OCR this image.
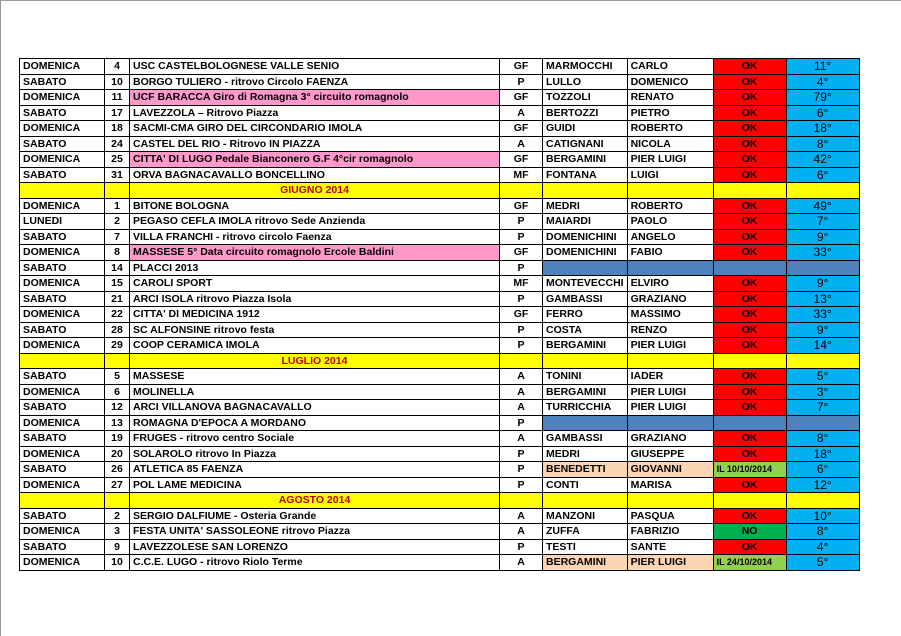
DOMENICA	4	USC CASTELBOLOGNESE VALLE SENIO	GF	MARMOCCHI	CARLO	OK	11°
SABATO	10	BORGO TULIERO - ritrovo Circolo FAENZA	P	LULLO	DOMENICO	OK	4°
DOMENICA	11	UCF BARACCA Giro di Romagna 3° circuito romagnolo	GF	TOZZOLI	RENATO	OK	79°
SABATO	17	LAVEZZOLA – Ritrovo Piazza	A	BERTOZZI	PIETRO	OK	6°
DOMENICA	18	SACMI-CMA GIRO DEL CIRCONDARIO IMOLA	GF	GUIDI	ROBERTO	OK	18°
SABATO	24	CASTEL DEL RIO - Ritrovo IN PIAZZA	A	CATIGNANI	NICOLA	OK	8°
DOMENICA	25	CITTA' DI LUGO Pedale Bianconero G.F 4°cir romagnolo	GF	BERGAMINI	PIER LUIGI	OK	42°
SABATO	31	ORVA BAGNACAVALLO BONCELLINO	MF	FONTANA	LUIGI	OK	6°
		GIUGNO 2014					
DOMENICA	1	BITONE BOLOGNA	GF	MEDRI	ROBERTO	OK	49°
LUNEDI	2	PEGASO CEFLA IMOLA ritrovo Sede Anzienda	P	MAIARDI	PAOLO	OK	7°
SABATO	7	VILLA FRANCHI - ritrovo circolo Faenza	P	DOMENICHINI	ANGELO	OK	9°
DOMENICA	8	MASSESE 5° Data circuito romagnolo Ercole Baldini	GF	DOMENICHINI	FABIO	OK	33°
SABATO	14	PLACCI 2013	P				
DOMENICA	15	CAROLI SPORT	MF	MONTEVECCHI	ELVIRO	OK	9°
SABATO	21	ARCI ISOLA ritrovo Piazza Isola	P	GAMBASSI	GRAZIANO	OK	13°
DOMENICA	22	CITTA' DI MEDICINA 1912	GF	FERRO	MASSIMO	OK	33°
SABATO	28	SC ALFONSINE ritrovo festa	P	COSTA	RENZO	OK	9°
DOMENICA	29	COOP CERAMICA IMOLA	P	BERGAMINI	PIER LUIGI	OK	14°
		LUGLIO 2014					
SABATO	5	MASSESE	A	TONINI	IADER	OK	5°
DOMENICA	6	MOLINELLA	A	BERGAMINI	PIER LUIGI	OK	3°
SABATO	12	ARCI VILLANOVA BAGNACAVALLO	A	TURRICCHIA	PIER LUIGI	OK	7°
DOMENICA	13	ROMAGNA D'EPOCA A MORDANO	P				
SABATO	19	FRUGES - ritrovo centro Sociale	A	GAMBASSI	GRAZIANO	OK	8°
DOMENICA	20	SOLAROLO ritrovo In Piazza	P	MEDRI	GIUSEPPE	OK	18°
SABATO	26	ATLETICA 85 FAENZA	P	BENEDETTI	GIOVANNI	IL 10/10/2014	6°
DOMENICA	27	POL LAME MEDICINA	P	CONTI	MARISA	OK	12°
		AGOSTO 2014					
SABATO	2	SERGIO DALFIUME - Osteria Grande	A	MANZONI	PASQUA	OK	10°
DOMENICA	3	FESTA UNITA' SASSOLEONE ritrovo Piazza	A	ZUFFA	FABRIZIO	NO	8°
SABATO	9	LAVEZZOLESE SAN LORENZO	P	TESTI	SANTE	OK	4°
DOMENICA	10	C.C.E. LUGO - ritrovo Riolo Terme	A	BERGAMINI	PIER LUIGI	IL 24/10/2014	5°
